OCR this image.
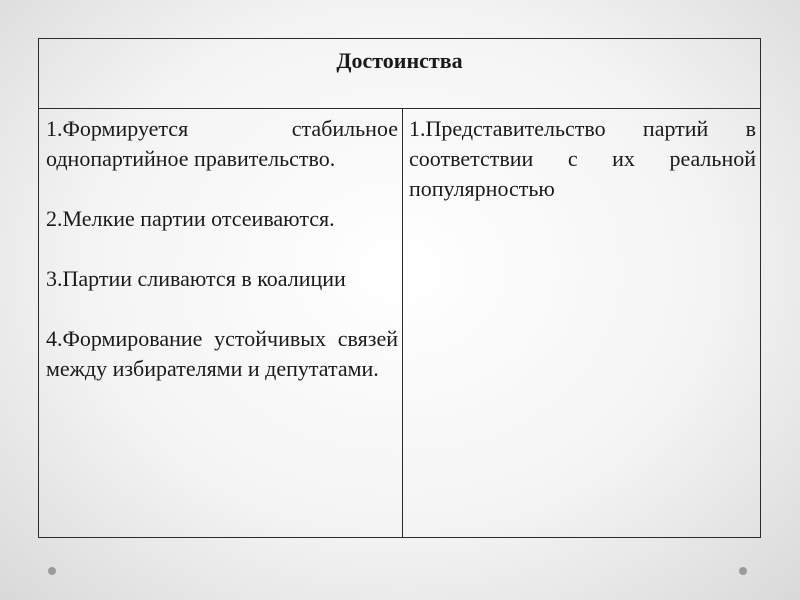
Достоинства

1.Формируется стабильное однопартийное правительство.

2.Мелкие партии отсеиваются.

3.Партии сливаются в коалиции

4.Формирование устойчивых связей между избирателями и депутатами.

1.Представительство партий в соответствии с их реальной популярностью
